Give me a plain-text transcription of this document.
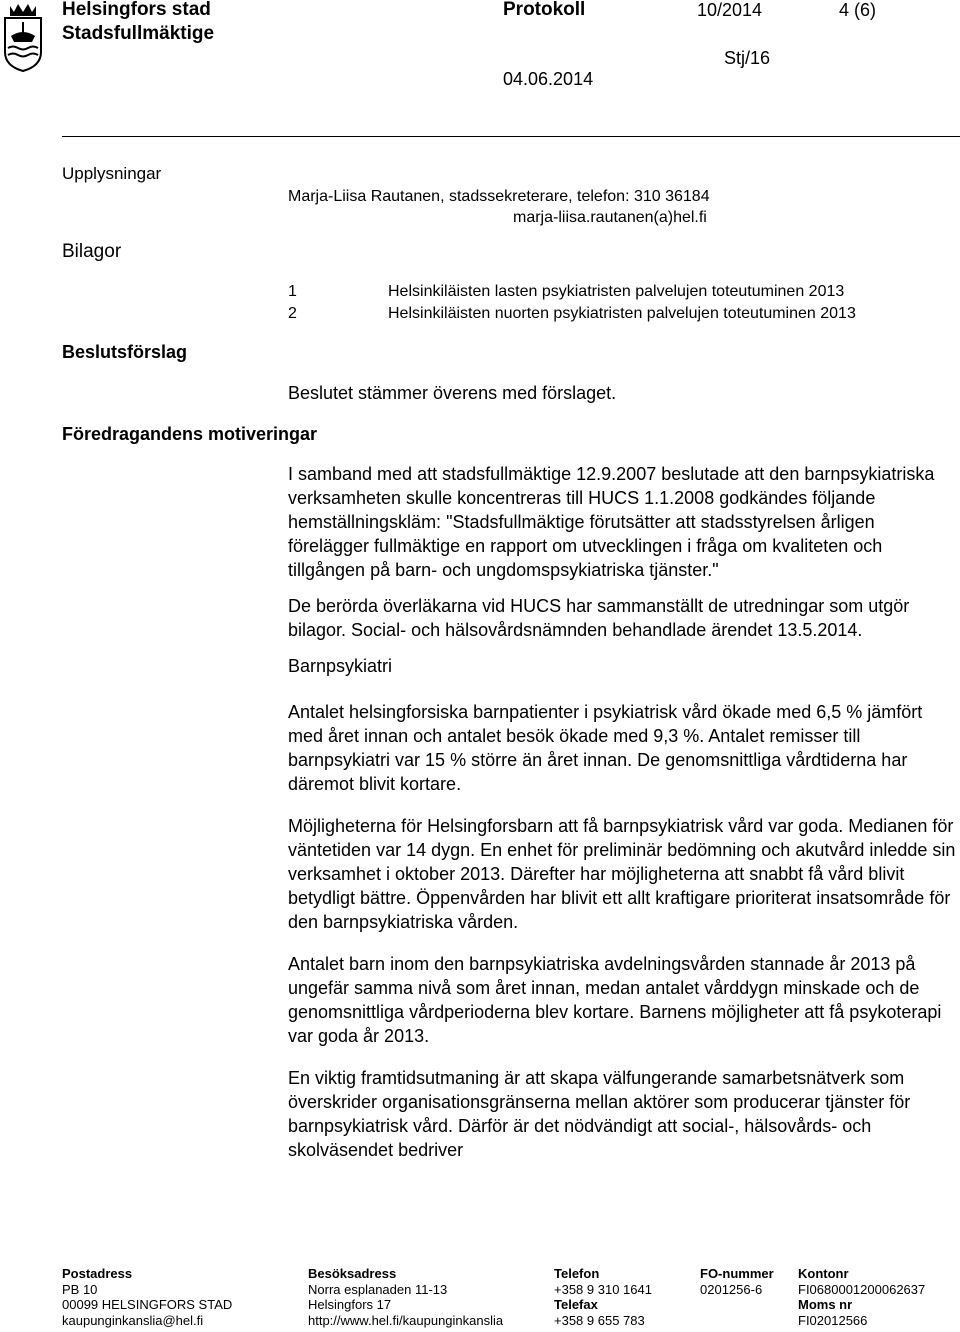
Helsingfors stad
Stadsfullmäktige
Protokoll	10/2014	4 (6)
Stj/16
04.06.2014
Upplysningar
Bilagor
Beslutsförslag
Föredragandens motiveringar
Marja-Liisa Rautanen, stadssekreterare, telefon: 310 36184
marja-liisa.rautanen(a)hel.fi
1	Helsinkiläisten lasten psykiatristen palvelujen toteutuminen 2013
2	Helsinkiläisten nuorten psykiatristen palvelujen toteutuminen 2013
Beslutet stämmer överens med förslaget.

I samband med att stadsfullmäktige 12.9.2007 beslutade att den barnpsykiatriska verksamheten skulle koncentreras till HUCS 1.1.2008 godkändes följande hemställningskläm: "Stadsfullmäktige förutsätter att stadsstyrelsen årligen förelägger fullmäktige en rapport om utvecklingen i fråga om kvaliteten och tillgången på barn- och ungdomspsykiatriska tjänster."

De berörda överläkarna vid HUCS har sammanställt de utredningar som utgör bilagor. Social- och hälsovårdsnämnden behandlade ärendet 13.5.2014.

Barnpsykiatri

Antalet helsingforsiska barnpatienter i psykiatrisk vård ökade med 6,5 % jämfört med året innan och antalet besök ökade med 9,3 %. Antalet remisser till barnpsykiatri var 15 % större än året innan. De genomsnittliga vårdtiderna har däremot blivit kortare.

Möjligheterna för Helsingforsbarn att få barnpsykiatrisk vård var goda. Medianen för väntetiden var 14 dygn. En enhet för preliminär bedömning och akutvård inledde sin verksamhet i oktober 2013. Därefter har möjligheterna att snabbt få vård blivit betydligt bättre. Öppenvården har blivit ett allt kraftigare prioriterat insatsområde för den barnpsykiatriska vården.

Antalet barn inom den barnpsykiatriska avdelningsvården stannade år 2013 på ungefär samma nivå som året innan, medan antalet vårddygn minskade och de genomsnittliga vårdperioderna blev kortare. Barnens möjligheter att få psykoterapi var goda år 2013.

En viktig framtidsutmaning är att skapa välfungerande samarbetsnätverk som överskrider organisationsgränserna mellan aktörer som producerar tjänster för barnpsykiatrisk vård. Därför är det nödvändigt att social-, hälsovårds- och skolväsendet bedriver

Postadress
PB 10
00099 HELSINGFORS STAD
kaupunginkanslia@hel.fi
Besöksadress
Norra esplanaden 11-13
Helsingfors 17
http://www.hel.fi/kaupunginkanslia
Telefon
+358 9 310 1641
Telefax
+358 9 655 783
FO-nummer
0201256-6
Kontonr
FI0680001200062637
Moms nr
FI02012566
